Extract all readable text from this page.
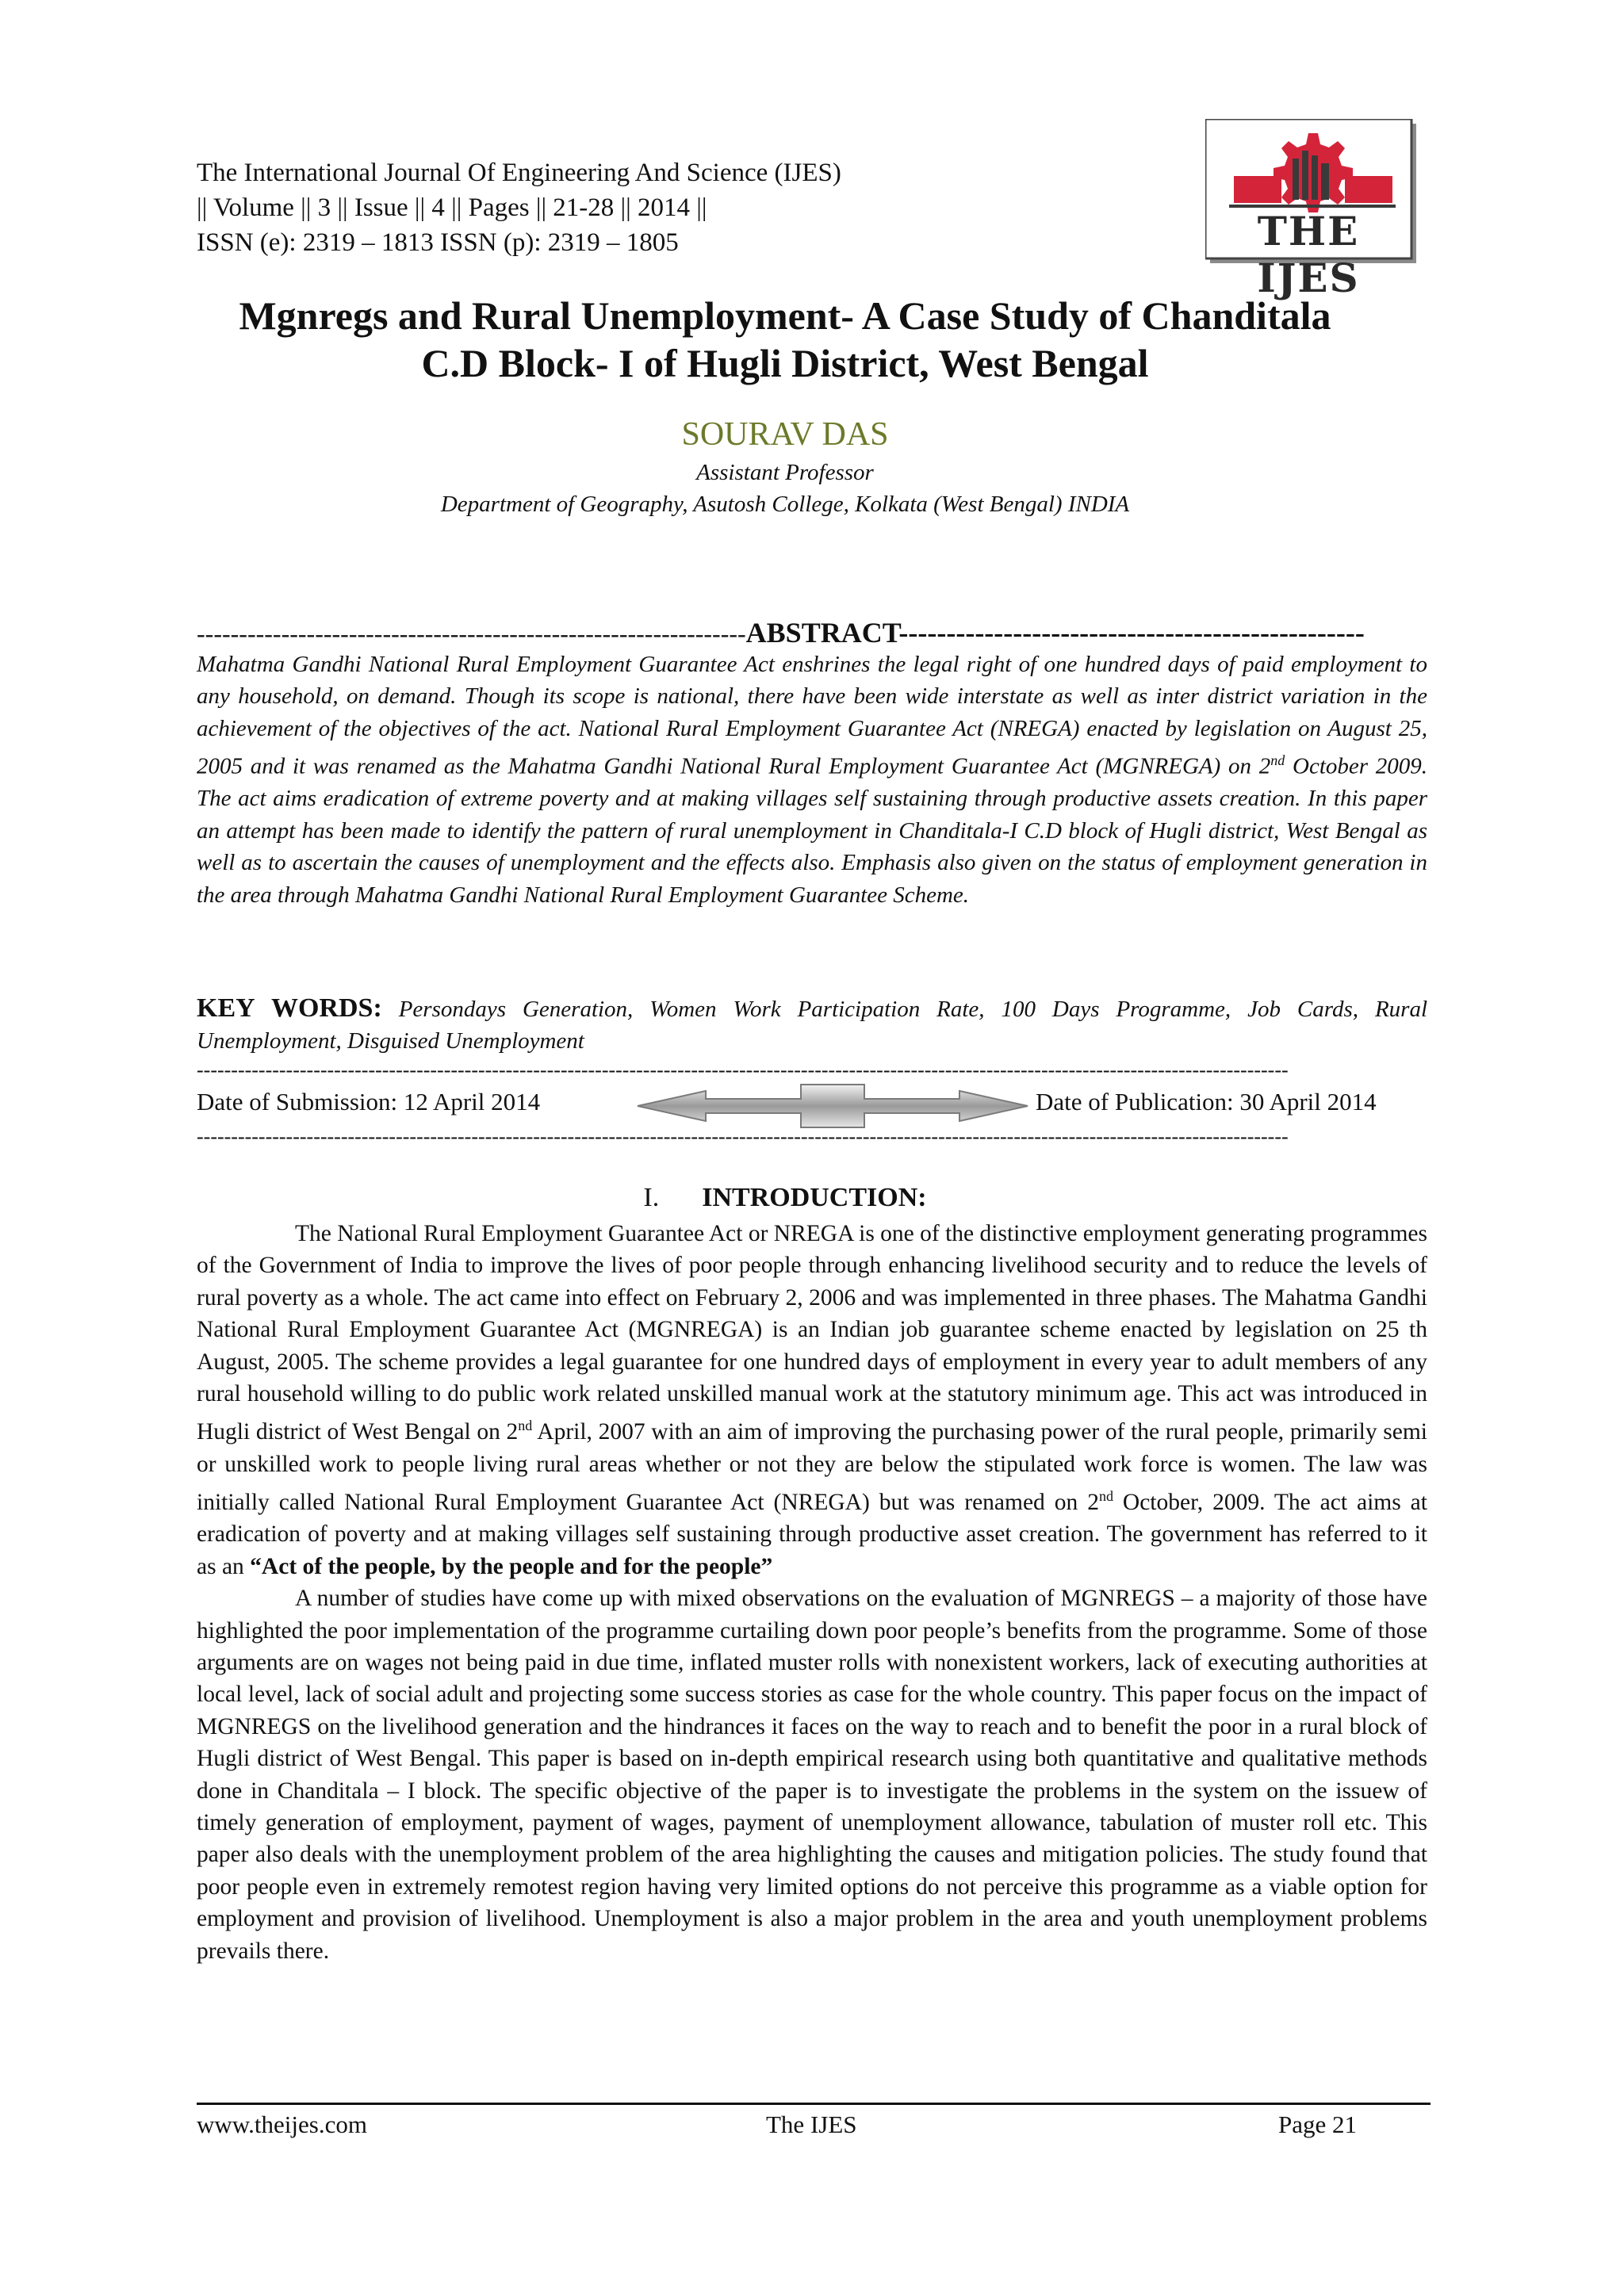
The International Journal Of Engineering And Science (IJES)
|| Volume || 3 || Issue || 4 || Pages || 21-28 || 2014 ||
ISSN (e): 2319 – 1813 ISSN (p): 2319 – 1805	THE IJES
Mgnregs and Rural Unemployment- A Case Study of Chanditala
C.D Block- I of Hugli District, West Bengal
SOURAV DAS
Assistant Professor
Department of Geography, Asutosh College, Kolkata (West Bengal) INDIA
-----------------------------------------------------------------ABSTRACT-------------------------------------------------
Mahatma Gandhi National Rural Employment Guarantee Act enshrines the legal right of one hundred days of paid employment to any household, on demand. Though its scope is national, there have been wide interstate as well as inter district variation in the achievement of the objectives of the act. National Rural Employment Guarantee Act (NREGA) enacted by legislation on August 25, 2005 and it was renamed as the Mahatma Gandhi National Rural Employment Guarantee Act (MGNREGA) on 2nd October 2009. The act aims eradication of extreme poverty and at making villages self sustaining through productive assets creation. In this paper an attempt has been made to identify the pattern of rural unemployment in Chanditala-I C.D block of Hugli district, West Bengal as well as to ascertain the causes of unemployment and the effects also. Emphasis also given on the status of employment generation in the area through Mahatma Gandhi National Rural Employment Guarantee Scheme.
KEY WORDS: Persondays Generation, Women Work Participation Rate, 100 Days Programme, Job Cards, Rural Unemployment, Disguised Unemployment
---------------------------------------------------------------------------------------------------------------------------------------------------------------
Date of Submission: 12 April 2014	Date of Publication: 30 April 2014
---------------------------------------------------------------------------------------------------------------------------------------------------------------
I. INTRODUCTION:

The National Rural Employment Guarantee Act or NREGA is one of the distinctive employment generating programmes of the Government of India to improve the lives of poor people through enhancing livelihood security and to reduce the levels of rural poverty as a whole. The act came into effect on February 2, 2006 and was implemented in three phases. The Mahatma Gandhi National Rural Employment Guarantee Act (MGNREGA) is an Indian job guarantee scheme enacted by legislation on 25 th August, 2005. The scheme provides a legal guarantee for one hundred days of employment in every year to adult members of any rural household willing to do public work related unskilled manual work at the statutory minimum age. This act was introduced in Hugli district of West Bengal on 2nd April, 2007 with an aim of improving the purchasing power of the rural people, primarily semi or unskilled work to people living rural areas whether or not they are below the stipulated work force is women. The law was initially called National Rural Employment Guarantee Act (NREGA) but was renamed on 2nd October, 2009. The act aims at eradication of poverty and at making villages self sustaining through productive asset creation. The government has referred to it as an “Act of the people, by the people and for the people”

A number of studies have come up with mixed observations on the evaluation of MGNREGS – a majority of those have highlighted the poor implementation of the programme curtailing down poor people’s benefits from the programme. Some of those arguments are on wages not being paid in due time, inflated muster rolls with nonexistent workers, lack of executing authorities at local level, lack of social adult and projecting some success stories as case for the whole country. This paper focus on the impact of MGNREGS on the livelihood generation and the hindrances it faces on the way to reach and to benefit the poor in a rural block of Hugli district of West Bengal. This paper is based on in-depth empirical research using both quantitative and qualitative methods done in Chanditala – I block. The specific objective of the paper is to investigate the problems in the system on the issuew of timely generation of employment, payment of wages, payment of unemployment allowance, tabulation of muster roll etc. This paper also deals with the unemployment problem of the area highlighting the causes and mitigation policies. The study found that poor people even in extremely remotest region having very limited options do not perceive this programme as a viable option for employment and provision of livelihood. Unemployment is also a major problem in the area and youth unemployment problems prevails there.

www.theijes.com	The IJES	Page 21
